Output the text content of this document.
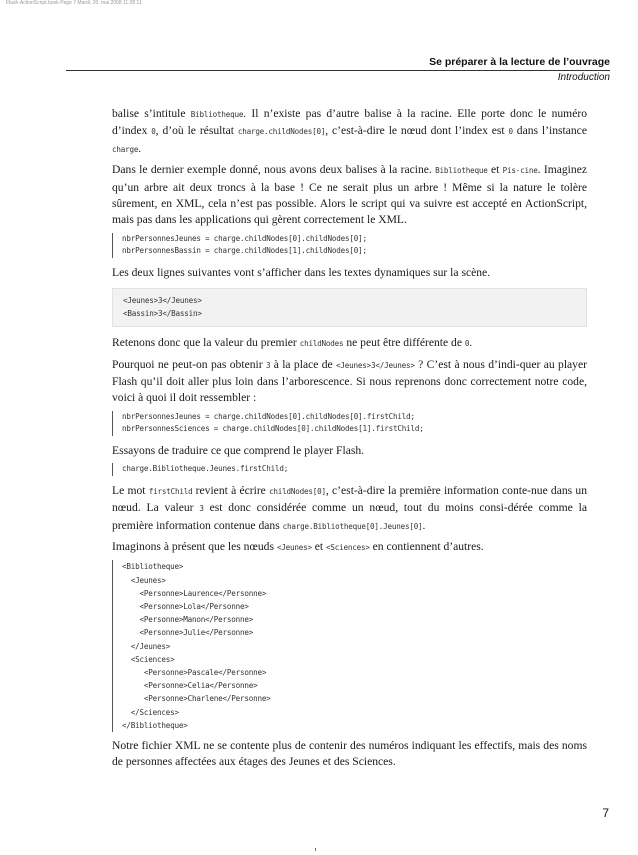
Flash-ActionScript.book Page 7 Mardi, 20. mai 2008 11:28 11
Se préparer à la lecture de l’ouvrage
Introduction

balise s’intitule Bibliotheque. Il n’existe pas d’autre balise à la racine. Elle porte donc le numéro d’index 0, d’où le résultat charge.childNodes[0], c’est-à-dire le nœud dont l’index est 0 dans l’instance charge.

Dans le dernier exemple donné, nous avons deux balises à la racine. Bibliotheque et Pis-cine. Imaginez qu’un arbre ait deux troncs à la base ! Ce ne serait plus un arbre ! Même si la nature le tolère sûrement, en XML, cela n’est pas possible. Alors le script qui va suivre est accepté en ActionScript, mais pas dans les applications qui gèrent correctement le XML.

nbrPersonnesJeunes = charge.childNodes[0].childNodes[0];
nbrPersonnesBassin = charge.childNodes[1].childNodes[0];

Les deux lignes suivantes vont s’afficher dans les textes dynamiques sur la scène.

<Jeunes>3</Jeunes>
<Bassin>3</Bassin>

Retenons donc que la valeur du premier childNodes ne peut être différente de 0.

Pourquoi ne peut-on pas obtenir 3 à la place de <Jeunes>3</Jeunes> ? C’est à nous d’indi-quer au player Flash qu’il doit aller plus loin dans l’arborescence. Si nous reprenons donc correctement notre code, voici à quoi il doit ressembler :

nbrPersonnesJeunes = charge.childNodes[0].childNodes[0].firstChild;
nbrPersonnesSciences = charge.childNodes[0].childNodes[1].firstChild;

Essayons de traduire ce que comprend le player Flash.

charge.Bibliotheque.Jeunes.firstChild;

Le mot firstChild revient à écrire childNodes[0], c’est-à-dire la première information conte-nue dans un nœud. La valeur 3 est donc considérée comme un nœud, tout du moins consi-dérée comme la première information contenue dans charge.Bibliotheque[0].Jeunes[0].

Imaginons à présent que les nœuds <Jeunes> et <Sciences> en contiennent d’autres.

<Bibliotheque>
<Jeunes>
<Personne>Laurence</Personne>
<Personne>Lola</Personne>
<Personne>Manon</Personne>
<Personne>Julie</Personne>
</Jeunes>
<Sciences>
<Personne>Pascale</Personne>
<Personne>Celia</Personne>
<Personne>Charlene</Personne>
</Sciences>
</Bibliotheque>

Notre fichier XML ne se contente plus de contenir des numéros indiquant les effectifs, mais des noms de personnes affectées aux étages des Jeunes et des Sciences.

7
